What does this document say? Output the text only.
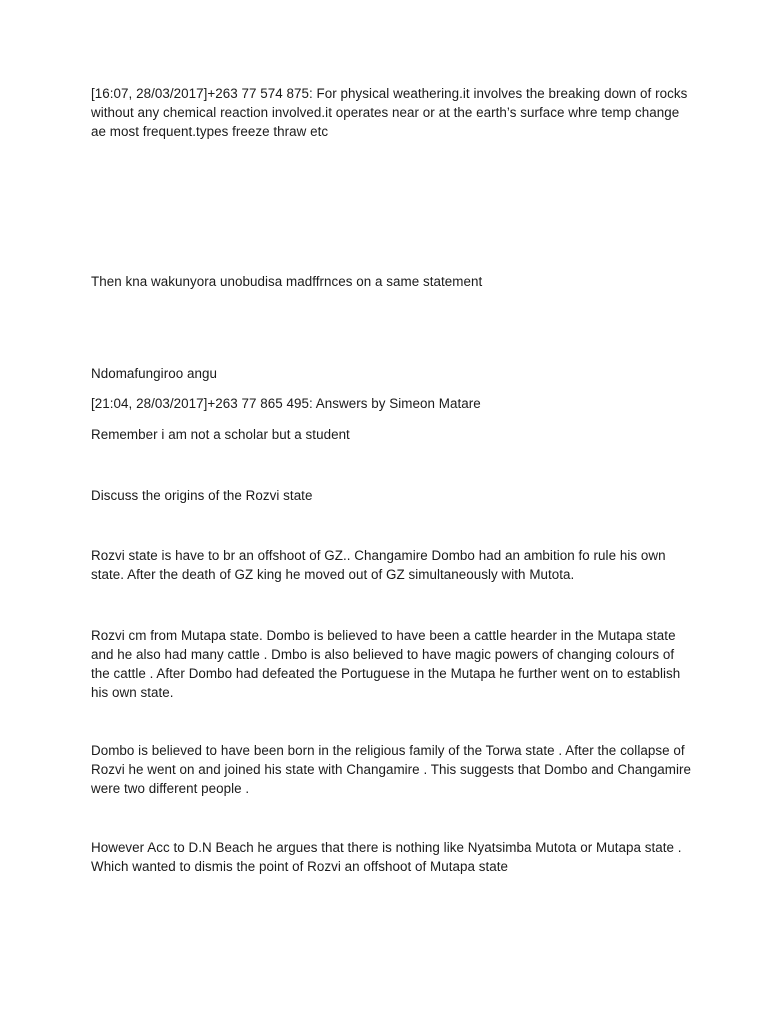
[16:07, 28/03/2017]+263 77 574 875⁨⁩: For physical weathering.it involves the breaking down of rocks without any chemical reaction involved.it operates near or at the earth’s surface whre temp change ae most frequent.types freeze thraw etc

Then kna wakunyora unobudisa madffrnces on a same statement

Ndomafungiroo angu

[21:04, 28/03/2017]+263 77 865 495⁨⁩: Answers by Simeon Matare

Remember i am not a scholar but a student

Discuss the origins of the Rozvi state

Rozvi state is have to br an offshoot of GZ.. Changamire Dombo had an ambition fo rule his own state. After the death of GZ king he moved out of GZ simultaneously with Mutota.

Rozvi cm from Mutapa state. Dombo is believed to have been a cattle hearder in the Mutapa state and he also had many cattle . Dmbo is also believed to have magic powers of changing colours of the cattle . After Dombo had defeated the Portuguese in the Mutapa he further went on to establish his own state.

Dombo is believed to have been born in the religious family of the Torwa state . After the collapse of Rozvi he went on and joined his state with Changamire . This suggests that Dombo and Changamire were two different people .

However Acc to D.N Beach he argues that there is nothing like Nyatsimba Mutota or Mutapa state . Which wanted to dismis the point of Rozvi an offshoot of Mutapa state
